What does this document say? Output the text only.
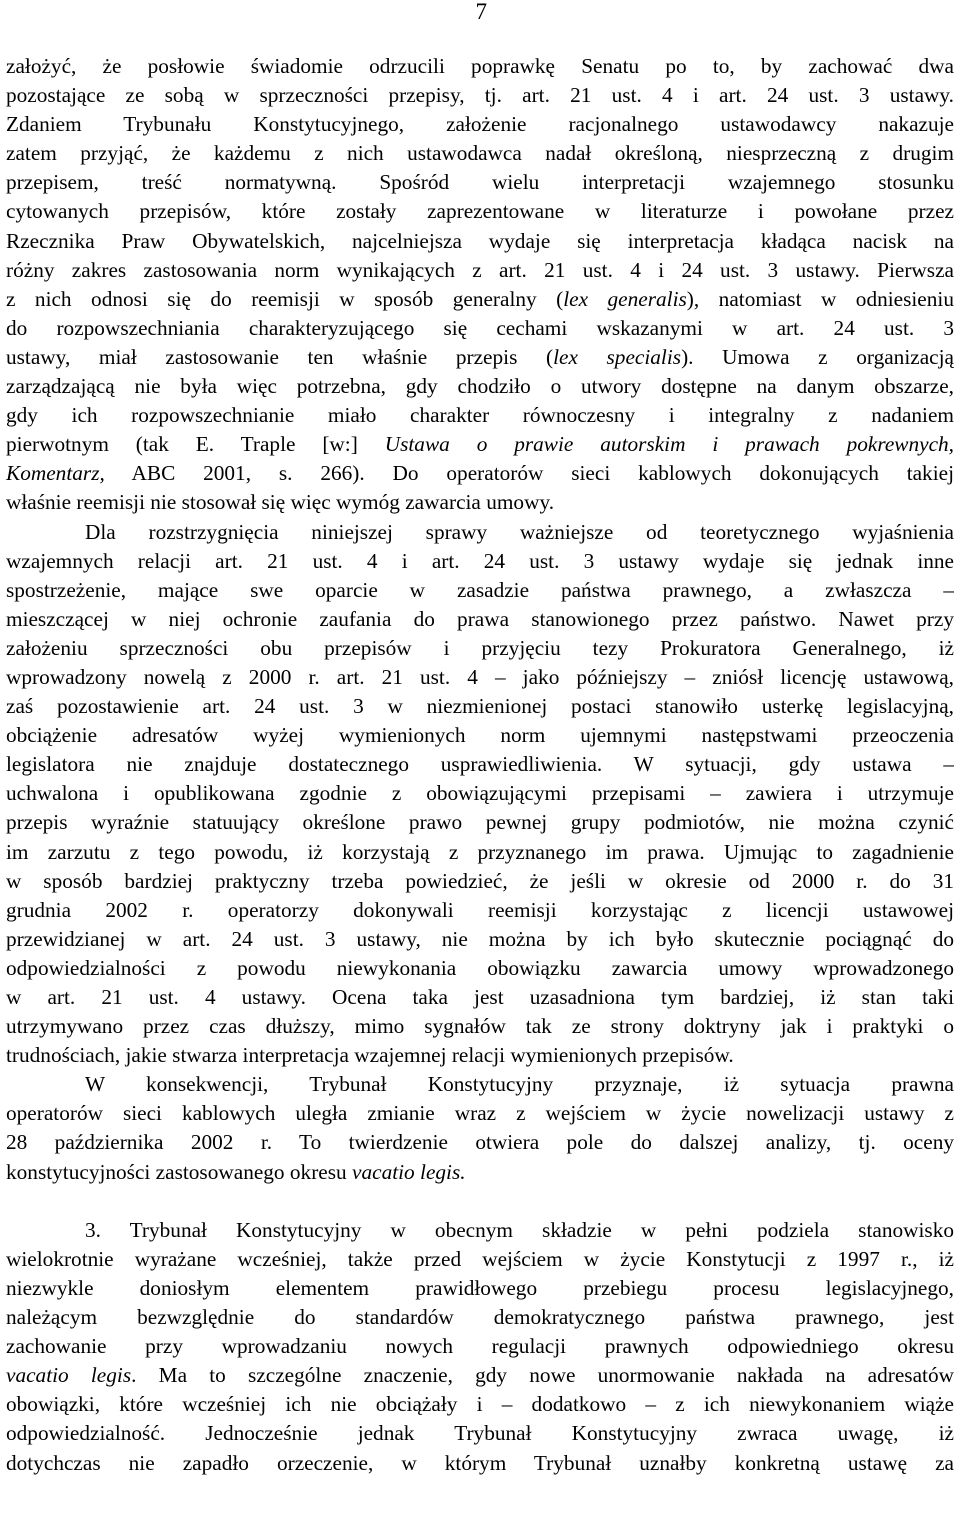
7
założyć, że posłowie świadomie odrzucili poprawkę Senatu po to, by zachować dwa
pozostające ze sobą w sprzeczności przepisy, tj. art. 21 ust. 4 i art. 24 ust. 3 ustawy.
Zdaniem Trybunału Konstytucyjnego, założenie racjonalnego ustawodawcy nakazuje
zatem przyjąć, że każdemu z nich ustawodawca nadał określoną, niesprzeczną z drugim
przepisem, treść normatywną. Spośród wielu interpretacji wzajemnego stosunku
cytowanych przepisów, które zostały zaprezentowane w literaturze i powołane przez
Rzecznika Praw Obywatelskich, najcelniejsza wydaje się interpretacja kładąca nacisk na
różny zakres zastosowania norm wynikających z art. 21 ust. 4 i 24 ust. 3 ustawy. Pierwsza
z nich odnosi się do reemisji w sposób generalny (lex generalis), natomiast w odniesieniu
do rozpowszechniania charakteryzującego się cechami wskazanymi w art. 24 ust. 3
ustawy, miał zastosowanie ten właśnie przepis (lex specialis). Umowa z organizacją
zarządzającą nie była więc potrzebna, gdy chodziło o utwory dostępne na danym obszarze,
gdy ich rozpowszechnianie miało charakter równoczesny i integralny z nadaniem
pierwotnym (tak E. Traple [w:] Ustawa o prawie autorskim i prawach pokrewnych,
Komentarz, ABC 2001, s. 266). Do operatorów sieci kablowych dokonujących takiej
właśnie reemisji nie stosował się więc wymóg zawarcia umowy.
Dla rozstrzygnięcia niniejszej sprawy ważniejsze od teoretycznego wyjaśnienia
wzajemnych relacji art. 21 ust. 4 i art. 24 ust. 3 ustawy wydaje się jednak inne
spostrzeżenie, mające swe oparcie w zasadzie państwa prawnego, a zwłaszcza –
mieszczącej w niej ochronie zaufania do prawa stanowionego przez państwo. Nawet przy
założeniu sprzeczności obu przepisów i przyjęciu tezy Prokuratora Generalnego, iż
wprowadzony nowelą z 2000 r. art. 21 ust. 4 – jako późniejszy – zniósł licencję ustawową,
zaś pozostawienie art. 24 ust. 3 w niezmienionej postaci stanowiło usterkę legislacyjną,
obciążenie adresatów wyżej wymienionych norm ujemnymi następstwami przeoczenia
legislatora nie znajduje dostatecznego usprawiedliwienia. W sytuacji, gdy ustawa –
uchwalona i opublikowana zgodnie z obowiązującymi przepisami – zawiera i utrzymuje
przepis wyraźnie statuujący określone prawo pewnej grupy podmiotów, nie można czynić
im zarzutu z tego powodu, iż korzystają z przyznanego im prawa. Ujmując to zagadnienie
w sposób bardziej praktyczny trzeba powiedzieć, że jeśli w okresie od 2000 r. do 31
grudnia 2002 r. operatorzy dokonywali reemisji korzystając z licencji ustawowej
przewidzianej w art. 24 ust. 3 ustawy, nie można by ich było skutecznie pociągnąć do
odpowiedzialności z powodu niewykonania obowiązku zawarcia umowy wprowadzonego
w art. 21 ust. 4 ustawy. Ocena taka jest uzasadniona tym bardziej, iż stan taki
utrzymywano przez czas dłuższy, mimo sygnałów tak ze strony doktryny jak i praktyki o
trudnościach, jakie stwarza interpretacja wzajemnej relacji wymienionych przepisów.
W konsekwencji, Trybunał Konstytucyjny przyznaje, iż sytuacja prawna
operatorów sieci kablowych uległa zmianie wraz z wejściem w życie nowelizacji ustawy z
28 października 2002 r. To twierdzenie otwiera pole do dalszej analizy, tj. oceny
konstytucyjności zastosowanego okresu vacatio legis.
3. Trybunał Konstytucyjny w obecnym składzie w pełni podziela stanowisko
wielokrotnie wyrażane wcześniej, także przed wejściem w życie Konstytucji z 1997 r., iż
niezwykle doniosłym elementem prawidłowego przebiegu procesu legislacyjnego,
należącym bezwzględnie do standardów demokratycznego państwa prawnego, jest
zachowanie przy wprowadzaniu nowych regulacji prawnych odpowiedniego okresu
vacatio legis. Ma to szczególne znaczenie, gdy nowe unormowanie nakłada na adresatów
obowiązki, które wcześniej ich nie obciążały i – dodatkowo – z ich niewykonaniem wiąże
odpowiedzialność. Jednocześnie jednak Trybunał Konstytucyjny zwraca uwagę, iż
dotychczas nie zapadło orzeczenie, w którym Trybunał uznałby konkretną ustawę za
